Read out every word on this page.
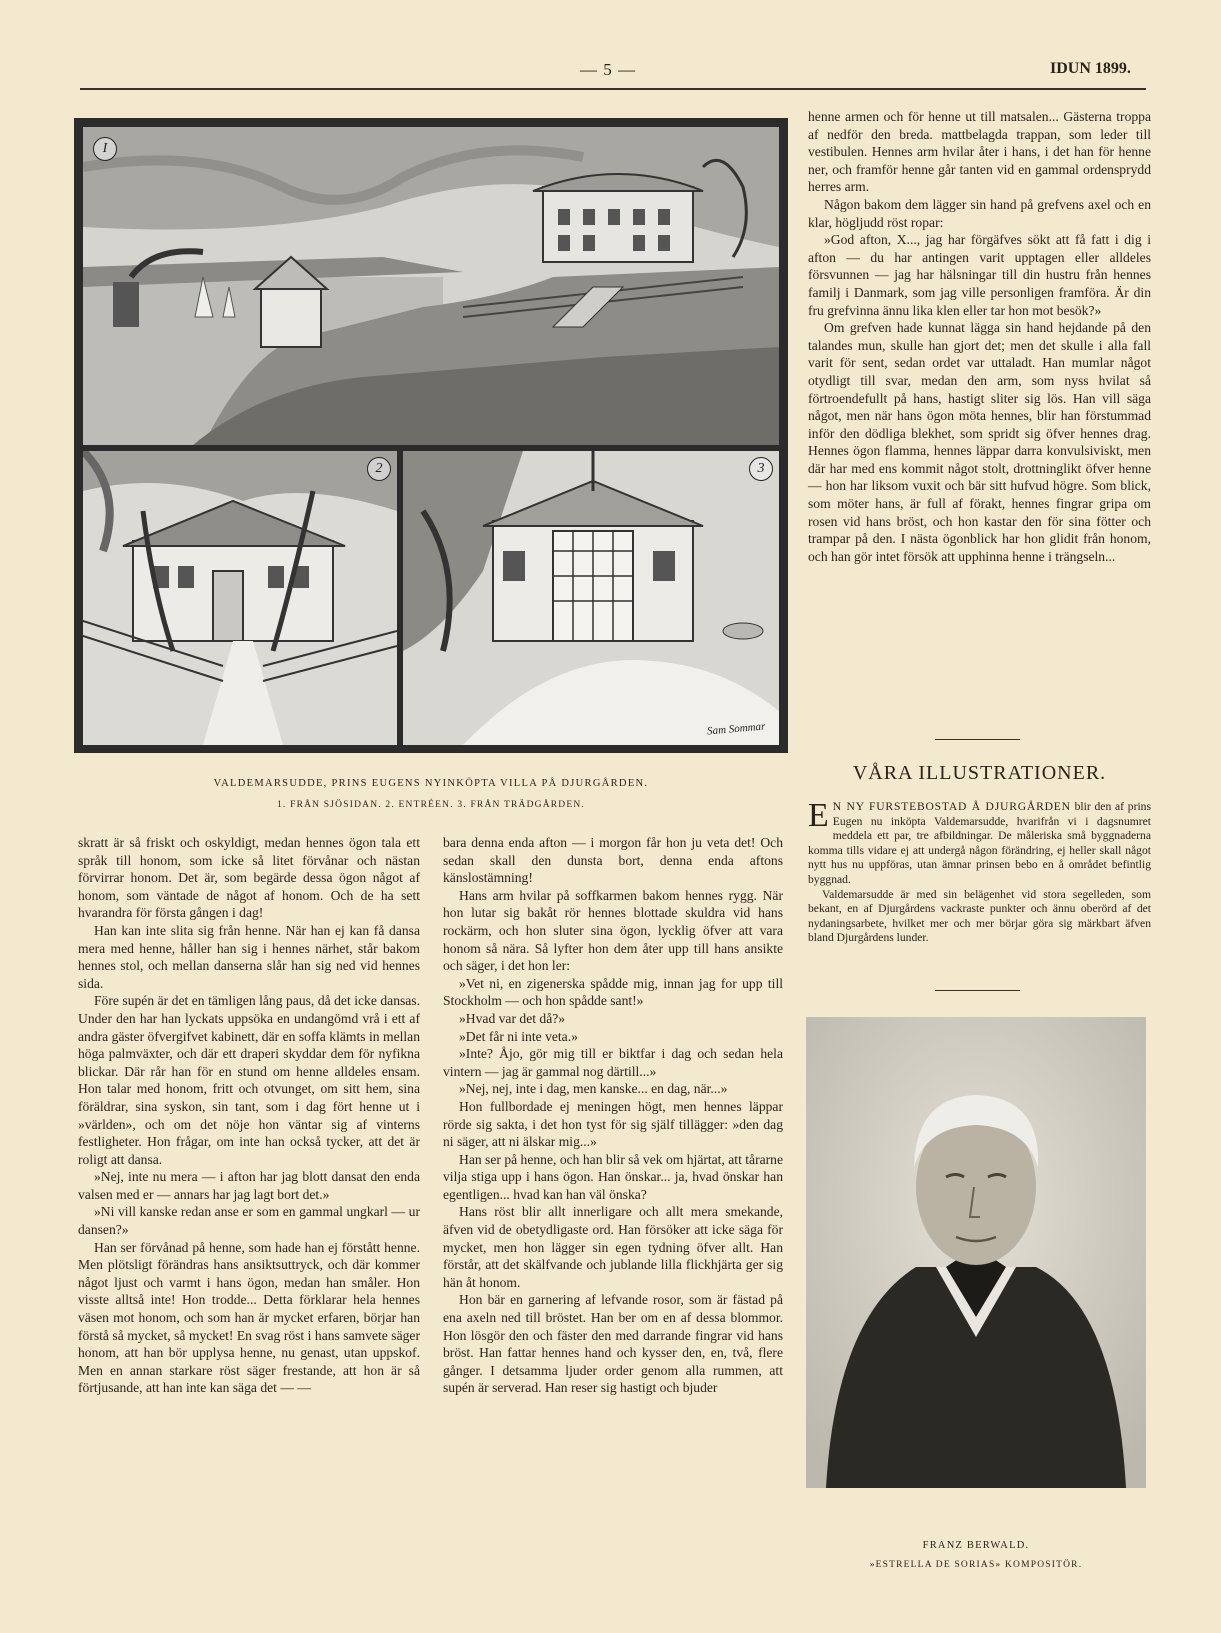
— 5 —	IDUN 1899.
I
2	3
Sam Sommar
VALDEMARSUDDE, PRINS EUGENS NYINKÖPTA VILLA PÅ DJURGÅRDEN.
1. FRÅN SJÖSIDAN. 2. ENTRÉEN. 3. FRÅN TRÄDGÅRDEN.

skratt är så friskt och oskyldigt, medan hennes ögon tala ett språk till honom, som icke så litet förvånar och nästan förvirrar honom. Det är, som begärde dessa ögon något af honom, som väntade de något af honom. Och de ha sett hvarandra för första gången i dag!

Han kan inte slita sig från henne. När han ej kan få dansa mera med henne, håller han sig i hennes närhet, står bakom hennes stol, och mellan danserna slår han sig ned vid hennes sida.

Före supén är det en tämligen lång paus, då det icke dansas. Under den har han lyckats uppsöka en undangömd vrå i ett af andra gäster öfvergifvet kabinett, där en soffa klämts in mellan höga palmväxter, och där ett draperi skyddar dem för nyfikna blickar. Där rår han för en stund om henne alldeles ensam. Hon talar med honom, fritt och otvunget, om sitt hem, sina föräldrar, sina syskon, sin tant, som i dag fört henne ut i »världen», och om det nöje hon väntar sig af vinterns festligheter. Hon frågar, om inte han också tycker, att det är roligt att dansa.

»Nej, inte nu mera — i afton har jag blott dansat den enda valsen med er — annars har jag lagt bort det.»

»Ni vill kanske redan anse er som en gammal ungkarl — ur dansen?»

Han ser förvånad på henne, som hade han ej förstått henne. Men plötsligt förändras hans ansiktsuttryck, och där kommer något ljust och varmt i hans ögon, medan han småler. Hon visste alltså inte! Hon trodde... Detta förklarar hela hennes väsen mot honom, och som han är mycket erfaren, börjar han förstå så mycket, så mycket! En svag röst i hans samvete säger honom, att han bör upplysa henne, nu genast, utan uppskof. Men en annan starkare röst säger frestande, att hon är så förtjusande, att han inte kan säga det — —

bara denna enda afton — i morgon får hon ju veta det! Och sedan skall den dunsta bort, denna enda aftons känslostämning!

Hans arm hvilar på soffkarmen bakom hennes rygg. När hon lutar sig bakåt rör hennes blottade skuldra vid hans rockärm, och hon sluter sina ögon, lycklig öfver att vara honom så nära. Så lyfter hon dem åter upp till hans ansikte och säger, i det hon ler:

»Vet ni, en zigenerska spådde mig, innan jag for upp till Stockholm — och hon spådde sant!»

»Hvad var det då?»

»Det får ni inte veta.»

»Inte? Åjo, gör mig till er biktfar i dag och sedan hela vintern — jag är gammal nog därtill...»

»Nej, nej, inte i dag, men kanske... en dag, när...»

Hon fullbordade ej meningen högt, men hennes läppar rörde sig sakta, i det hon tyst för sig själf tillägger: »den dag ni säger, att ni älskar mig...»

Han ser på henne, och han blir så vek om hjärtat, att tårarne vilja stiga upp i hans ögon. Han önskar... ja, hvad önskar han egentligen... hvad kan han väl önska?

Hans röst blir allt innerligare och allt mera smekande, äfven vid de obetydligaste ord. Han försöker att icke säga för mycket, men hon lägger sin egen tydning öfver allt. Han förstår, att det skälfvande och jublande lilla flickhjärta ger sig hän åt honom.

Hon bär en garnering af lefvande rosor, som är fästad på ena axeln ned till bröstet. Han ber om en af dessa blommor. Hon lösgör den och fäster den med darrande fingrar vid hans bröst. Han fattar hennes hand och kysser den, en, två, flere gånger. I detsamma ljuder order genom alla rummen, att supén är serverad. Han reser sig hastigt och bjuder

henne armen och för henne ut till matsalen... Gästerna troppa af nedför den breda. mattbelagda trappan, som leder till vestibulen. Hennes arm hvilar åter i hans, i det han för henne ner, och framför henne går tanten vid en gammal ordensprydd herres arm.

Någon bakom dem lägger sin hand på grefvens axel och en klar, högljudd röst ropar:

»God afton, X..., jag har förgäfves sökt att få fatt i dig i afton — du har antingen varit upptagen eller alldeles försvunnen — jag har hälsningar till din hustru från hennes familj i Danmark, som jag ville personligen framföra. Är din fru grefvinna ännu lika klen eller tar hon mot besök?»

Om grefven hade kunnat lägga sin hand hejdande på den talandes mun, skulle han gjort det; men det skulle i alla fall varit för sent, sedan ordet var uttaladt. Han mumlar något otydligt till svar, medan den arm, som nyss hvilat så förtroendefullt på hans, hastigt sliter sig lös. Han vill säga något, men när hans ögon möta hennes, blir han förstummad inför den dödliga blekhet, som spridt sig öfver hennes drag. Hennes ögon flamma, hennes läppar darra konvulsiviskt, men där har med ens kommit något stolt, drottninglikt öfver henne — hon har liksom vuxit och bär sitt hufvud högre. Som blick, som möter hans, är full af förakt, hennes fingrar gripa om rosen vid hans bröst, och hon kastar den för sina fötter och trampar på den. I nästa ögonblick har hon glidit från honom, och han gör intet försök att upphinna henne i trängseln...

VÅRA ILLUSTRATIONER.

E N NY FURSTEBOSTAD Å DJURGÅRDEN blir den af prins Eugen nu inköpta Valdemarsudde, hvarifrån vi i dagsnumret meddela ett par, tre afbildningar. De måleriska små byggnaderna komma tills vidare ej att undergå någon förändring, ej heller skall något nytt hus nu uppföras, utan ämnar prinsen bebo en å området befintlig byggnad.

Valdemarsudde är med sin belägenhet vid stora segelleden, som bekant, en af Djurgårdens vackraste punkter och ännu oberörd af det nydaningsarbete, hvilket mer och mer börjar göra sig märkbart äfven bland Djurgårdens lunder.

FRANZ BERWALD.
»ESTRELLA DE SORIAS» KOMPOSITÖR.
